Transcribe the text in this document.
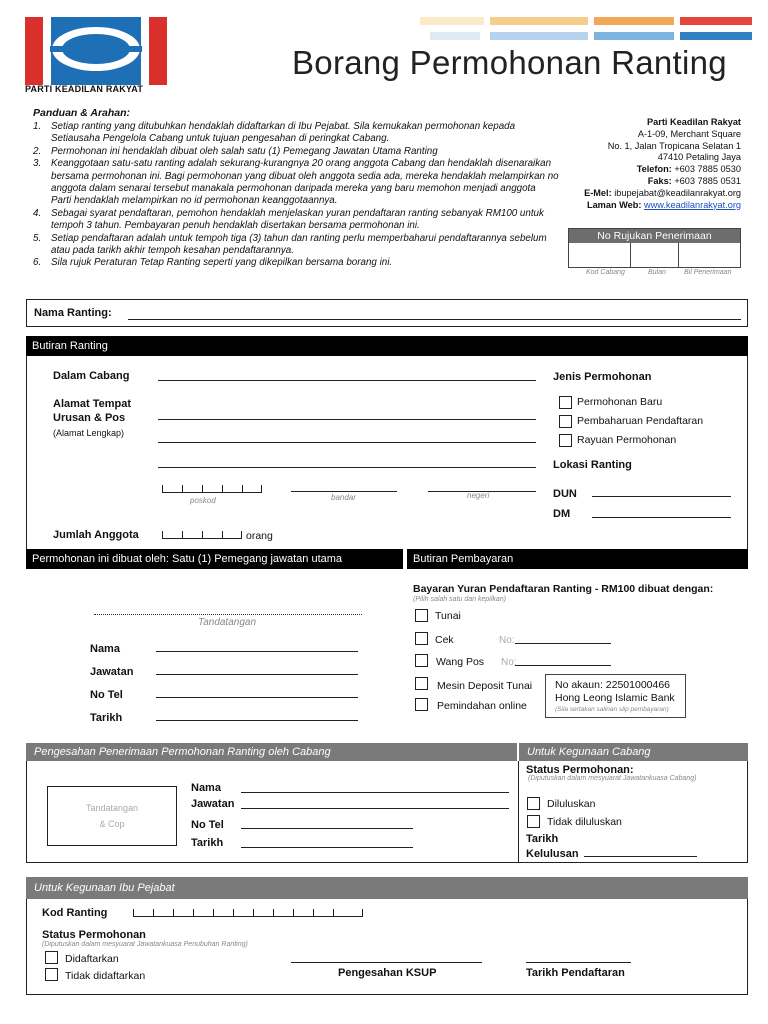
PARTI KEADILAN RAKYAT
Borang Permohonan Ranting
Panduan & Arahan:
1.	Setiap ranting yang ditubuhkan hendaklah didaftarkan di Ibu Pejabat. Sila kemukakan permohonan kepada
Setiausaha Pengelola Cabang untuk tujuan pengesahan di peringkat Cabang.
2.	Permohonan ini hendaklah dibuat oleh salah satu (1) Pemegang Jawatan Utama Ranting
3.	Keanggotaan satu-satu ranting adalah sekurang-kurangnya 20 orang anggota Cabang dan hendaklah disenaraikan
bersama permohonan ini. Bagi permohonan yang dibuat oleh anggota sedia ada, mereka hendaklah melampirkan no
anggota dalam senarai tersebut manakala permohonan daripada mereka yang baru memohon menjadi anggota
Parti hendaklah melampirkan no id permohonan keanggotaannya.
4.	Sebagai syarat pendaftaran, pemohon hendaklah menjelaskan yuran pendaftaran ranting sebanyak RM100 untuk
tempoh 3 tahun. Pembayaran penuh hendaklah disertakan bersama permohonan ini.
5.	Setiap pendaftaran adalah untuk tempoh tiga (3) tahun dan ranting perlu memperbaharui pendaftarannya sebelum
atau pada tarikh akhir tempoh kesahan pendaftarannya.
6.	Sila rujuk Peraturan Tetap Ranting seperti yang dikepilkan bersama borang ini.
Parti Keadilan Rakyat
A-1-09, Merchant Square
No. 1, Jalan Tropicana Selatan 1
47410 Petaling Jaya
Telefon: +603 7885 0530
Faks: +603 7885 0531
E-Mel: ibupejabat@keadilanrakyat.org
Laman Web: www.keadilanrakyat.org
No Rujukan Penerimaan
Kod Cabang	Bulan	Bil Penerimaan
Nama Ranting:
Butiran Ranting
Dalam Cabang
Alamat Tempat
Urusan & Pos
(Alamat Lengkap)
poskod	bandar	negeri
Jumlah Anggota	orang
Jenis Permohonan
Permohonan Baru
Pembaharuan Pendaftaran
Rayuan Permohonan
Lokasi Ranting
DUN
DM
Permohonan ini dibuat oleh: Satu (1) Pemegang jawatan utama	Butiran Pembayaran
Tandatangan
Nama
Jawatan
No Tel
Tarikh
Bayaran Yuran Pendaftaran Ranting - RM100 dibuat dengan:
(Pilih salah satu dan kepilkan)
Tunai
Cek	No:
Wang Pos No:
Mesin Deposit Tunai
Pemindahan online
No akaun: 22501000466
Hong Leong Islamic Bank
(Sila sertakan salinan slip pembayaran)
Pengesahan Penerimaan Permohonan Ranting oleh Cabang	Untuk Kegunaan Cabang
Tandatangan
& Cop
Nama
Jawatan
No Tel
Tarikh
Status Permohonan:
(Diputuskan dalam mesyuarat Jawatankuasa Cabang)
Diluluskan
Tidak diluluskan
Tarikh
Kelulusan
Untuk Kegunaan Ibu Pejabat
Kod Ranting
Status Permohonan
(Diputuskan dalam mesyuarat Jawatankuasa Penubuhan Ranting)
Didaftarkan
Tidak didaftarkan	Pengesahan KSUP	Tarikh Pendaftaran
